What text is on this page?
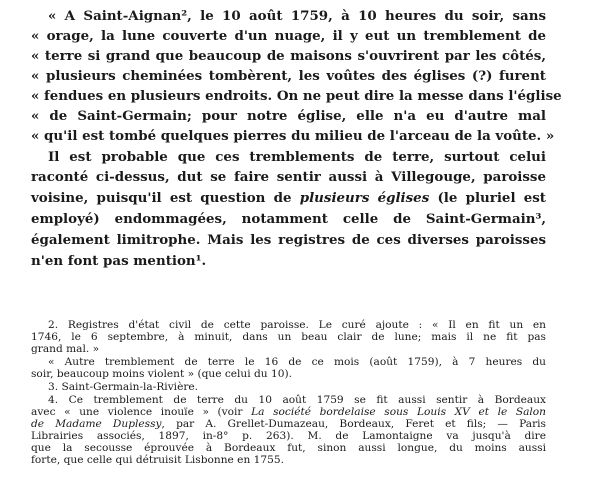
« A Saint-Aignan², le 10 août 1759, à 10 heures du soir, sans
« orage, la lune couverte d'un nuage, il y eut un tremblement de
« terre si grand que beaucoup de maisons s'ouvrirent par les côtés,
« plusieurs cheminées tombèrent, les voûtes des églises (?) furent
« fendues en plusieurs endroits. On ne peut dire la messe dans l'église
« de Saint-Germain; pour notre église, elle n'a eu d'autre mal
« qu'il est tombé quelques pierres du milieu de l'arceau de la voûte. »
Il est probable que ces tremblements de terre, surtout celui
raconté ci-dessus, dut se faire sentir aussi à Villegouge, paroisse
voisine, puisqu'il est question de plusieurs églises (le pluriel est
employé) endommagées, notamment celle de Saint-Germain³,
également limitrophe. Mais les registres de ces diverses paroisses
n'en font pas mention¹.
2. Registres d'état civil de cette paroisse. Le curé ajoute : « Il en fit un en
1746, le 6 septembre, à minuit, dans un beau clair de lune; mais il ne fit pas
grand mal. »
« Autre tremblement de terre le 16 de ce mois (août 1759), à 7 heures du
soir, beaucoup moins violent » (que celui du 10).
3. Saint-Germain-la-Rivière.
4. Ce tremblement de terre du 10 août 1759 se fit aussi sentir à Bordeaux
avec « une violence inouïe » (voir La société bordelaise sous Louis XV et le Salon
de Madame Duplessy, par A. Grellet-Dumazeau, Bordeaux, Feret et fils; — Paris
Librairies associés, 1897, in-8° p. 263). M. de Lamontaigne va jusqu'à dire
que la secousse éprouvée à Bordeaux fut, sinon aussi longue, du moins aussi
forte, que celle qui détruisit Lisbonne en 1755.
